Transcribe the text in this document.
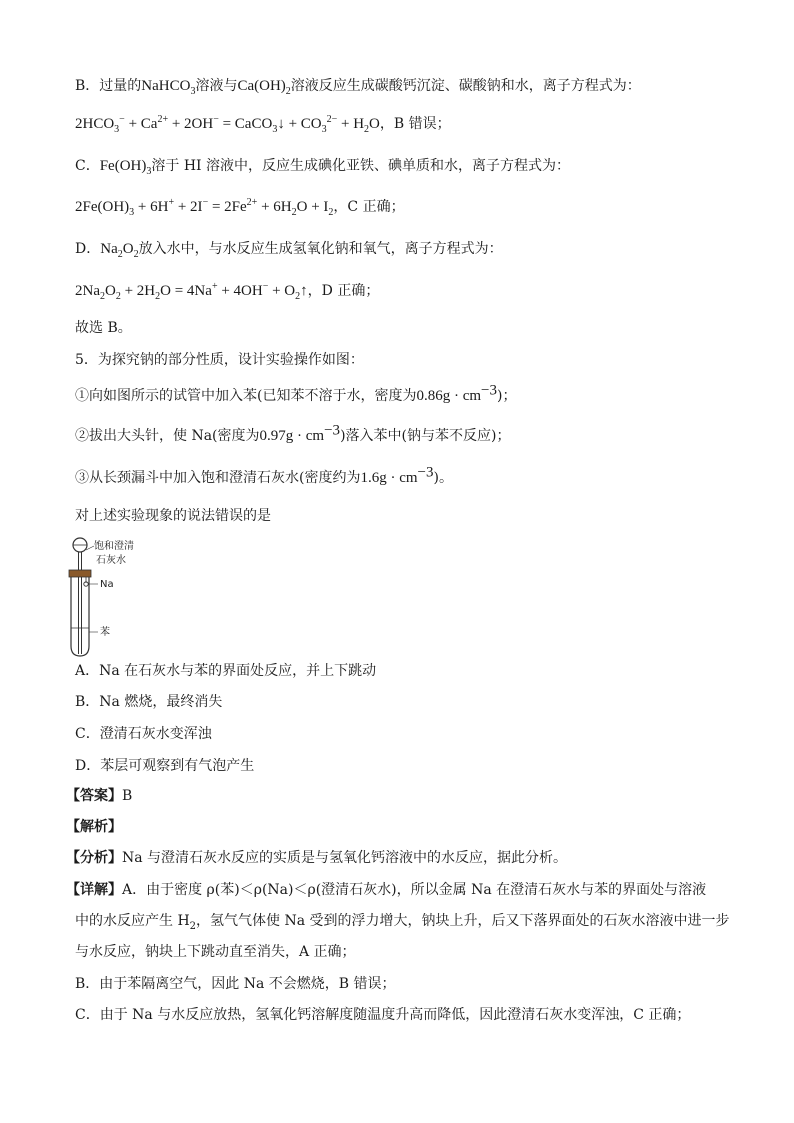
B．过量的NaHCO$_3$溶液与$Ca(OH)_2$溶液反应生成碳酸钙沉淀、碳酸钠和水，离子方程式为：
$2HCO_3^- + Ca^{2+} + 2OH^-$ = CaCO$_3$↓ + $CO_3^{2-} + H_2O$，B 错误；
C．$Fe(OH)_3$溶于 HI 溶液中，反应生成碘化亚铁、碘单质和水，离子方程式为：
$2Fe(OH)_3 + 6H^+ + 2I^- = 2Fe^{2+} + 6H_2O + I_2$，C 正确；
D．$Na_2O_2$放入水中，与水反应生成氢氧化钠和氧气，离子方程式为：
$2Na_2O_2 + 2H_2O = 4Na^+ + 4OH^-$ + $O_2↑$，D 正确；
故选 B。
5．为探究钠的部分性质，设计实验操作如图：
①向如图所示的试管中加入苯(已知苯不溶于水，密度为$0.86g \cdot cm^{-3}$)；
②拔出大头针，使 Na(密度为$0.97g \cdot cm^{-3}$)落入苯中(钠与苯不反应)；
③从长颈漏斗中加入饱和澄清石灰水(密度约为$1.6g \cdot cm^{-3}$)。
对上述实验现象的说法错误的是
饱和澄清
石灰水
Na
苯
A．Na 在石灰水与苯的界面处反应，并上下跳动
B．Na 燃烧，最终消失
C．澄清石灰水变浑浊
D．苯层可观察到有气泡产生
【答案】B
【解析】
【分析】Na 与澄清石灰水反应的实质是与氢氧化钙溶液中的水反应，据此分析。
【详解】A．由于密度 ρ(苯)＜ρ(Na)＜ρ(澄清石灰水)，所以金属 Na 在澄清石灰水与苯的界面处与溶液
中的水反应产生 $H_2$，氢气气体使 Na 受到的浮力增大，钠块上升，后又下落界面处的石灰水溶液中进一步
与水反应，钠块上下跳动直至消失，A 正确；
B．由于苯隔离空气，因此 Na 不会燃烧，B 错误；
C．由于 Na 与水反应放热，氢氧化钙溶解度随温度升高而降低，因此澄清石灰水变浑浊，C 正确；
